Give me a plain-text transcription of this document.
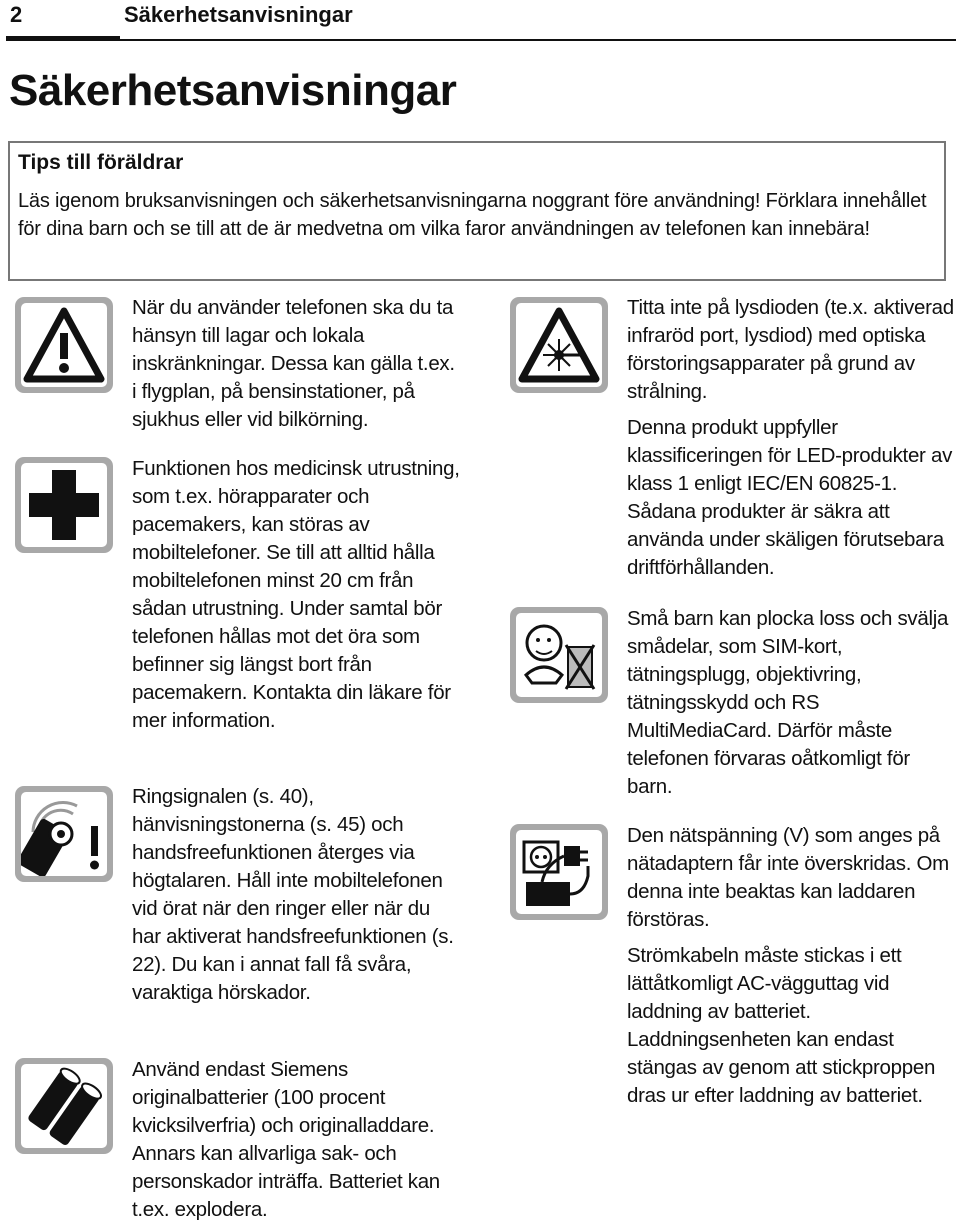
2	Säkerhetsanvisningar
Säkerhetsanvisningar
Tips till föräldrar
Läs igenom bruksanvisningen och säkerhetsanvisningarna noggrant före användning! Förklara innehållet för dina barn och se till att de är medvetna om vilka faror användningen av telefonen kan innebära!

När du använder telefonen ska du ta hänsyn till lagar och lokala inskränkningar. Dessa kan gälla t.ex. i flygplan, på bensinstationer, på sjukhus eller vid bilkörning.

Funktionen hos medicinsk utrustning, som t.ex. hörapparater och pacemakers, kan störas av mobiltelefoner. Se till att alltid hålla mobiltelefonen minst 20 cm från sådan utrustning. Under samtal bör telefonen hållas mot det öra som befinner sig längst bort från pacemakern. Kontakta din läkare för mer information.

Ringsignalen (s. 40), hänvisningstonerna (s. 45) och handsfreefunktionen återges via högtalaren. Håll inte mobiltelefonen vid örat när den ringer eller när du har aktiverat handsfreefunktionen (s. 22). Du kan i annat fall få svåra, varaktiga hörskador.

Använd endast Siemens originalbatterier (100 procent kvicksilverfria) och originalladdare. Annars kan allvarliga sak- och personskador inträffa. Batteriet kan t.ex. explodera.

Titta inte på lysdioden (te.x. aktiverad infraröd port, lysdiod) med optiska förstoringsapparater på grund av strålning.

Denna produkt uppfyller klassificeringen för LED-produkter av klass 1 enligt IEC/EN 60825-1. Sådana produkter är säkra att använda under skäligen förutsebara driftförhållanden.

Små barn kan plocka loss och svälja smådelar, som SIM-kort, tätningsplugg, objektivring, tätningsskydd och RS MultiMediaCard. Därför måste telefonen förvaras oåtkomligt för barn.

Den nätspänning (V) som anges på nätadaptern får inte överskridas. Om denna inte beaktas kan laddaren förstöras.

Strömkabeln måste stickas i ett lättåtkomligt AC-vägguttag vid laddning av batteriet. Laddningsenheten kan endast stängas av genom att stickproppen dras ur efter laddning av batteriet.
